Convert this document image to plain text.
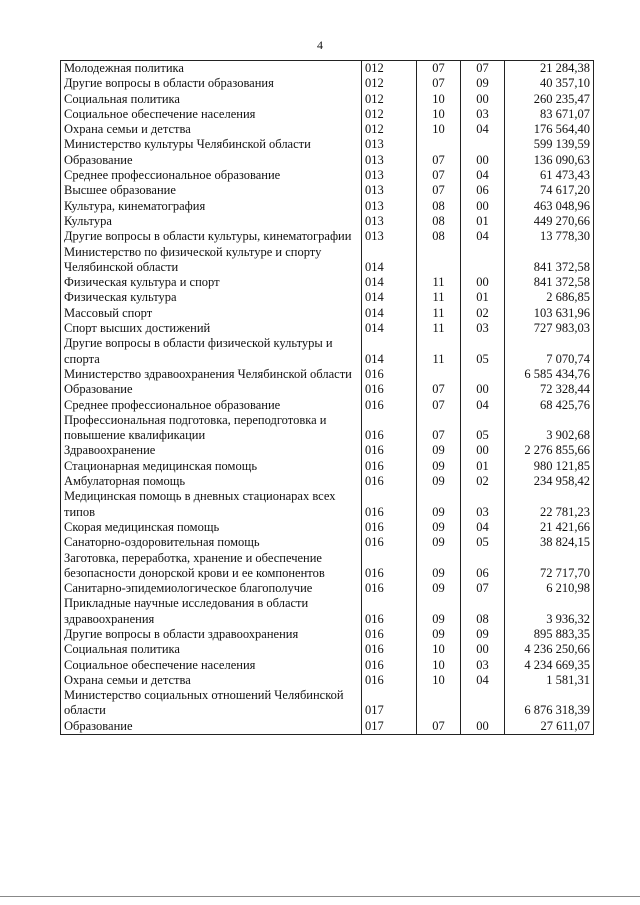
4
Молодежная политика	012	07	07	21 284,38
Другие вопросы в области образования	012	07	09	40 357,10
Социальная политика	012	10	00	260 235,47
Социальное обеспечение населения	012	10	03	83 671,07
Охрана семьи и детства	012	10	04	176 564,40
Министерство культуры Челябинской области	013			599 139,59
Образование	013	07	00	136 090,63
Среднее профессиональное образование	013	07	04	61 473,43
Высшее образование	013	07	06	74 617,20
Культура, кинематография	013	08	00	463 048,96
Культура	013	08	01	449 270,66
Другие вопросы в области культуры, кинематографии	013	08	04	13 778,30
Министерство по физической культуре и спорту Челябинской области	014			841 372,58
Физическая культура и спорт	014	11	00	841 372,58
Физическая культура	014	11	01	2 686,85
Массовый спорт	014	11	02	103 631,96
Спорт высших достижений	014	11	03	727 983,03
Другие вопросы в области физической культуры и спорта	014	11	05	7 070,74
Министерство здравоохранения Челябинской области	016			6 585 434,76
Образование	016	07	00	72 328,44
Среднее профессиональное образование	016	07	04	68 425,76
Профессиональная подготовка, переподготовка и повышение квалификации	016	07	05	3 902,68
Здравоохранение	016	09	00	2 276 855,66
Стационарная медицинская помощь	016	09	01	980 121,85
Амбулаторная помощь	016	09	02	234 958,42
Медицинская помощь в дневных стационарах всех типов	016	09	03	22 781,23
Скорая медицинская помощь	016	09	04	21 421,66
Санаторно-оздоровительная помощь	016	09	05	38 824,15
Заготовка, переработка, хранение и обеспечение безопасности донорской крови и ее компонентов	016	09	06	72 717,70
Санитарно-эпидемиологическое благополучие	016	09	07	6 210,98
Прикладные научные исследования в области здравоохранения	016	09	08	3 936,32
Другие вопросы в области здравоохранения	016	09	09	895 883,35
Социальная политика	016	10	00	4 236 250,66
Социальное обеспечение населения	016	10	03	4 234 669,35
Охрана семьи и детства	016	10	04	1 581,31
Министерство социальных отношений Челябинской области	017			6 876 318,39
Образование	017	07	00	27 611,07
